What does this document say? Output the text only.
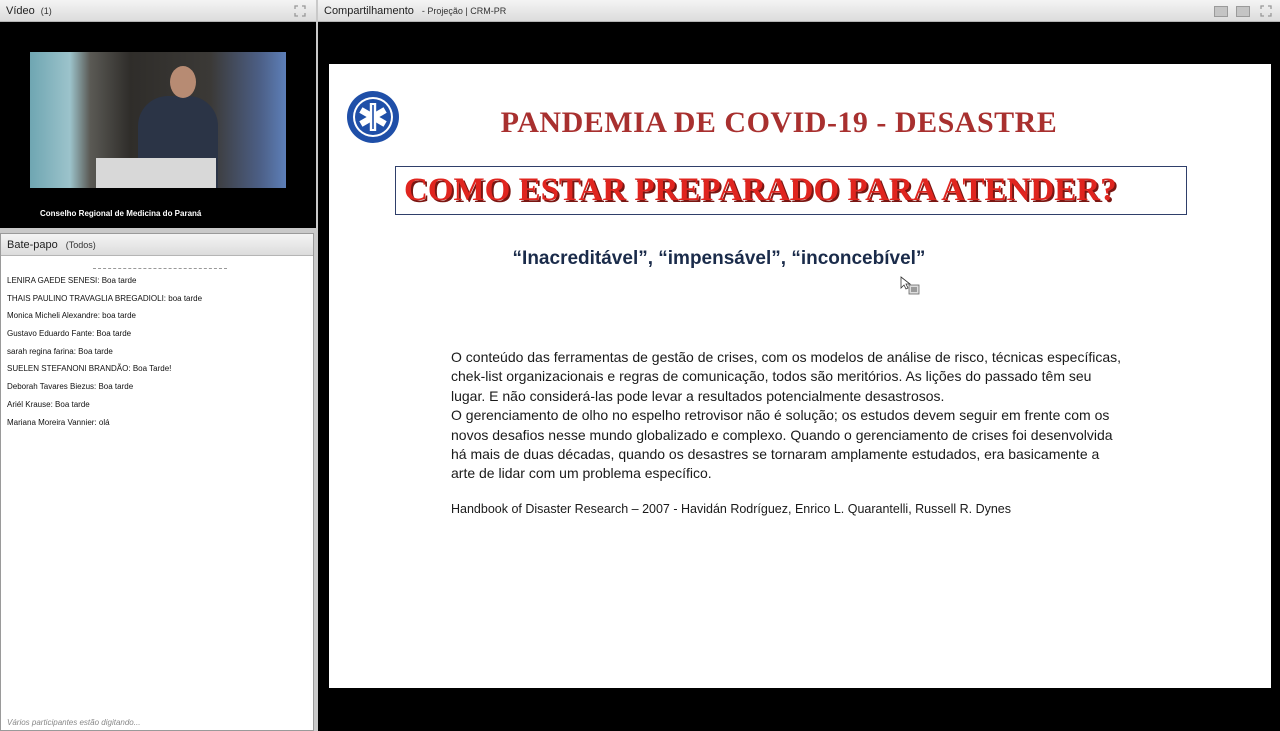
Vídeo (1)
Conselho Regional de Medicina do Paraná
Bate-papo (Todos)
LENIRA GAEDE SENESI: Boa tarde
THAIS PAULINO TRAVAGLIA BREGADIOLI: boa tarde
Monica Micheli Alexandre: boa tarde
Gustavo Eduardo Fante: Boa tarde
sarah regina farina: Boa tarde
SUELEN STEFANONI BRANDÃO: Boa Tarde!
Deborah Tavares Biezus: Boa tarde
Ariél Krause: Boa tarde
Mariana Moreira Vannier: olá
Vários participantes estão digitando...
Compartilhamento - Projeção | CRM-PR
PANDEMIA DE COVID-19 - DESASTRE
COMO ESTAR PREPARADO PARA ATENDER?
“Inacreditável”, “impensável”, “inconcebível”

O conteúdo das ferramentas de gestão de crises, com os modelos de análise de risco, técnicas específicas,

chek-list organizacionais e regras de comunicação, todos são meritórios. As lições do passado têm seu

lugar. E não considerá-las pode levar a resultados potencialmente desastrosos.

O gerenciamento de olho no espelho retrovisor não é solução; os estudos devem seguir em frente com os

novos desafios nesse mundo globalizado e complexo. Quando o gerenciamento de crises foi desenvolvida

há mais de duas décadas, quando os desastres se tornaram amplamente estudados, era basicamente a

arte de lidar com um problema específico.

Handbook of Disaster Research – 2007 - Havidán Rodríguez, Enrico L. Quarantelli, Russell R. Dynes
